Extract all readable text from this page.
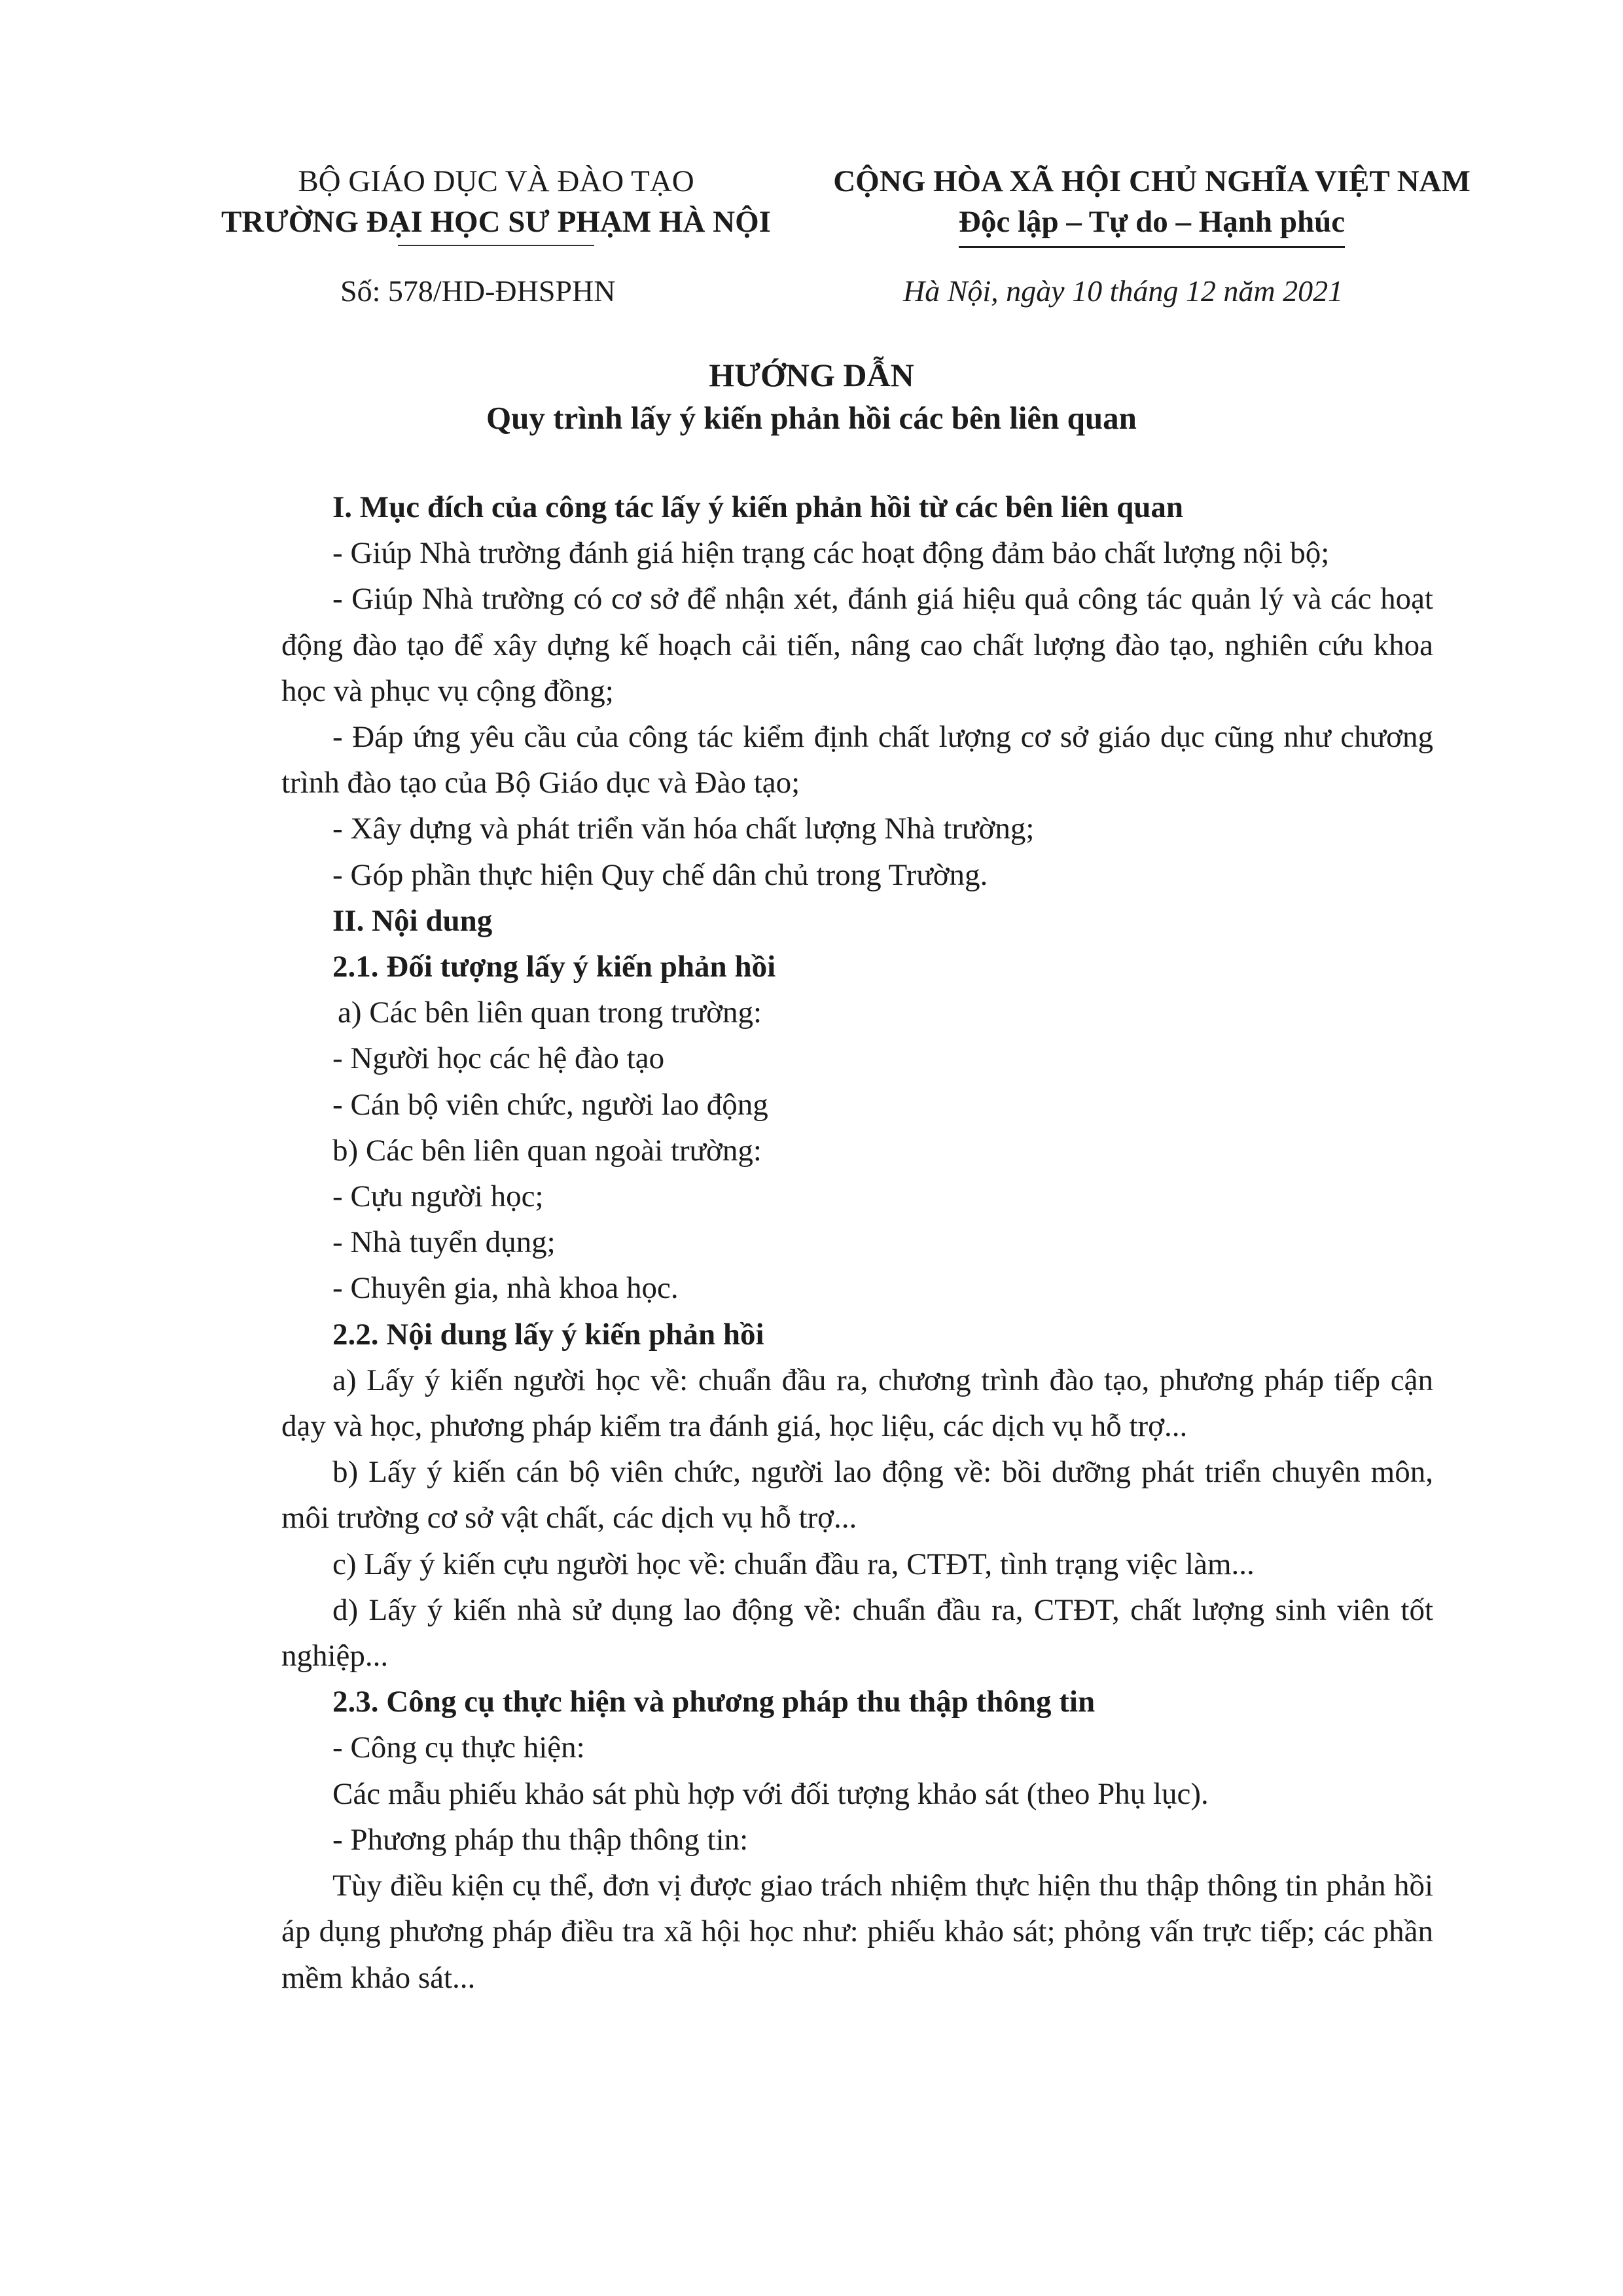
BỘ GIÁO DỤC VÀ ĐÀO TẠO
TRƯỜNG ĐẠI HỌC SƯ PHẠM HÀ NỘI
CỘNG HÒA XÃ HỘI CHỦ NGHĨA VIỆT NAM
Độc lập – Tự do – Hạnh phúc
Số: 578/HD-ĐHSPHN	Hà Nội, ngày 10 tháng 12 năm 2021
HƯỚNG DẪN
Quy trình lấy ý kiến phản hồi các bên liên quan

I. Mục đích của công tác lấy ý kiến phản hồi từ các bên liên quan

- Giúp Nhà trường đánh giá hiện trạng các hoạt động đảm bảo chất lượng nội bộ;

- Giúp Nhà trường có cơ sở để nhận xét, đánh giá hiệu quả công tác quản lý và các hoạt động đào tạo để xây dựng kế hoạch cải tiến, nâng cao chất lượng đào tạo, nghiên cứu khoa học và phục vụ cộng đồng;

- Đáp ứng yêu cầu của công tác kiểm định chất lượng cơ sở giáo dục cũng như chương trình đào tạo của Bộ Giáo dục và Đào tạo;

- Xây dựng và phát triển văn hóa chất lượng Nhà trường;

- Góp phần thực hiện Quy chế dân chủ trong Trường.

II. Nội dung

2.1. Đối tượng lấy ý kiến phản hồi

a) Các bên liên quan trong trường:

- Người học các hệ đào tạo

- Cán bộ viên chức, người lao động

b) Các bên liên quan ngoài trường:

- Cựu người học;

- Nhà tuyển dụng;

- Chuyên gia, nhà khoa học.

2.2. Nội dung lấy ý kiến phản hồi

a) Lấy ý kiến người học về: chuẩn đầu ra, chương trình đào tạo, phương pháp tiếp cận dạy và học, phương pháp kiểm tra đánh giá, học liệu, các dịch vụ hỗ trợ...

b) Lấy ý kiến cán bộ viên chức, người lao động về: bồi dưỡng phát triển chuyên môn, môi trường cơ sở vật chất, các dịch vụ hỗ trợ...

c) Lấy ý kiến cựu người học về: chuẩn đầu ra, CTĐT, tình trạng việc làm...

d) Lấy ý kiến nhà sử dụng lao động về: chuẩn đầu ra, CTĐT, chất lượng sinh viên tốt nghiệp...

2.3. Công cụ thực hiện và phương pháp thu thập thông tin

- Công cụ thực hiện:

Các mẫu phiếu khảo sát phù hợp với đối tượng khảo sát (theo Phụ lục).

- Phương pháp thu thập thông tin:

Tùy điều kiện cụ thể, đơn vị được giao trách nhiệm thực hiện thu thập thông tin phản hồi áp dụng phương pháp điều tra xã hội học như: phiếu khảo sát; phỏng vấn trực tiếp; các phần mềm khảo sát...
